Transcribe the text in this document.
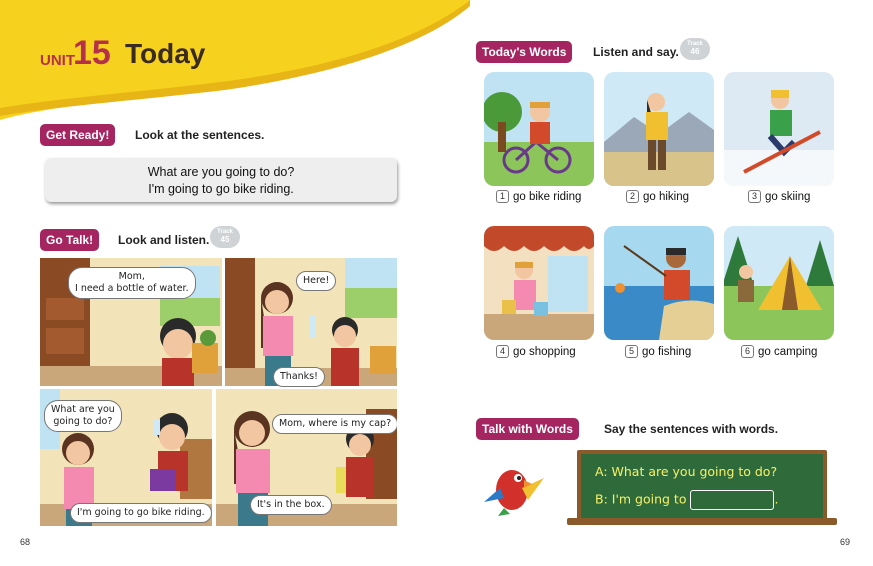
UNIT
15 Today
Get Ready!	Look at the sentences.
What are you going to do?
I'm going to go bike riding.
Go Talk!	Look and listen.
Track
45
Mom,
I need a bottle of water.
Here!
Thanks!
What are you
going to do?
I'm going to go bike riding.
Mom, where is my cap?
It's in the box.
Today's Words	Listen and say.
Track
46
1 go bike riding	2 go hiking	3 go skiing
4 go shopping	5 go fishing	6 go camping
Talk with Words	Say the sentences with words.
A: What are you going to do?
B: I'm going to	.
68	69
